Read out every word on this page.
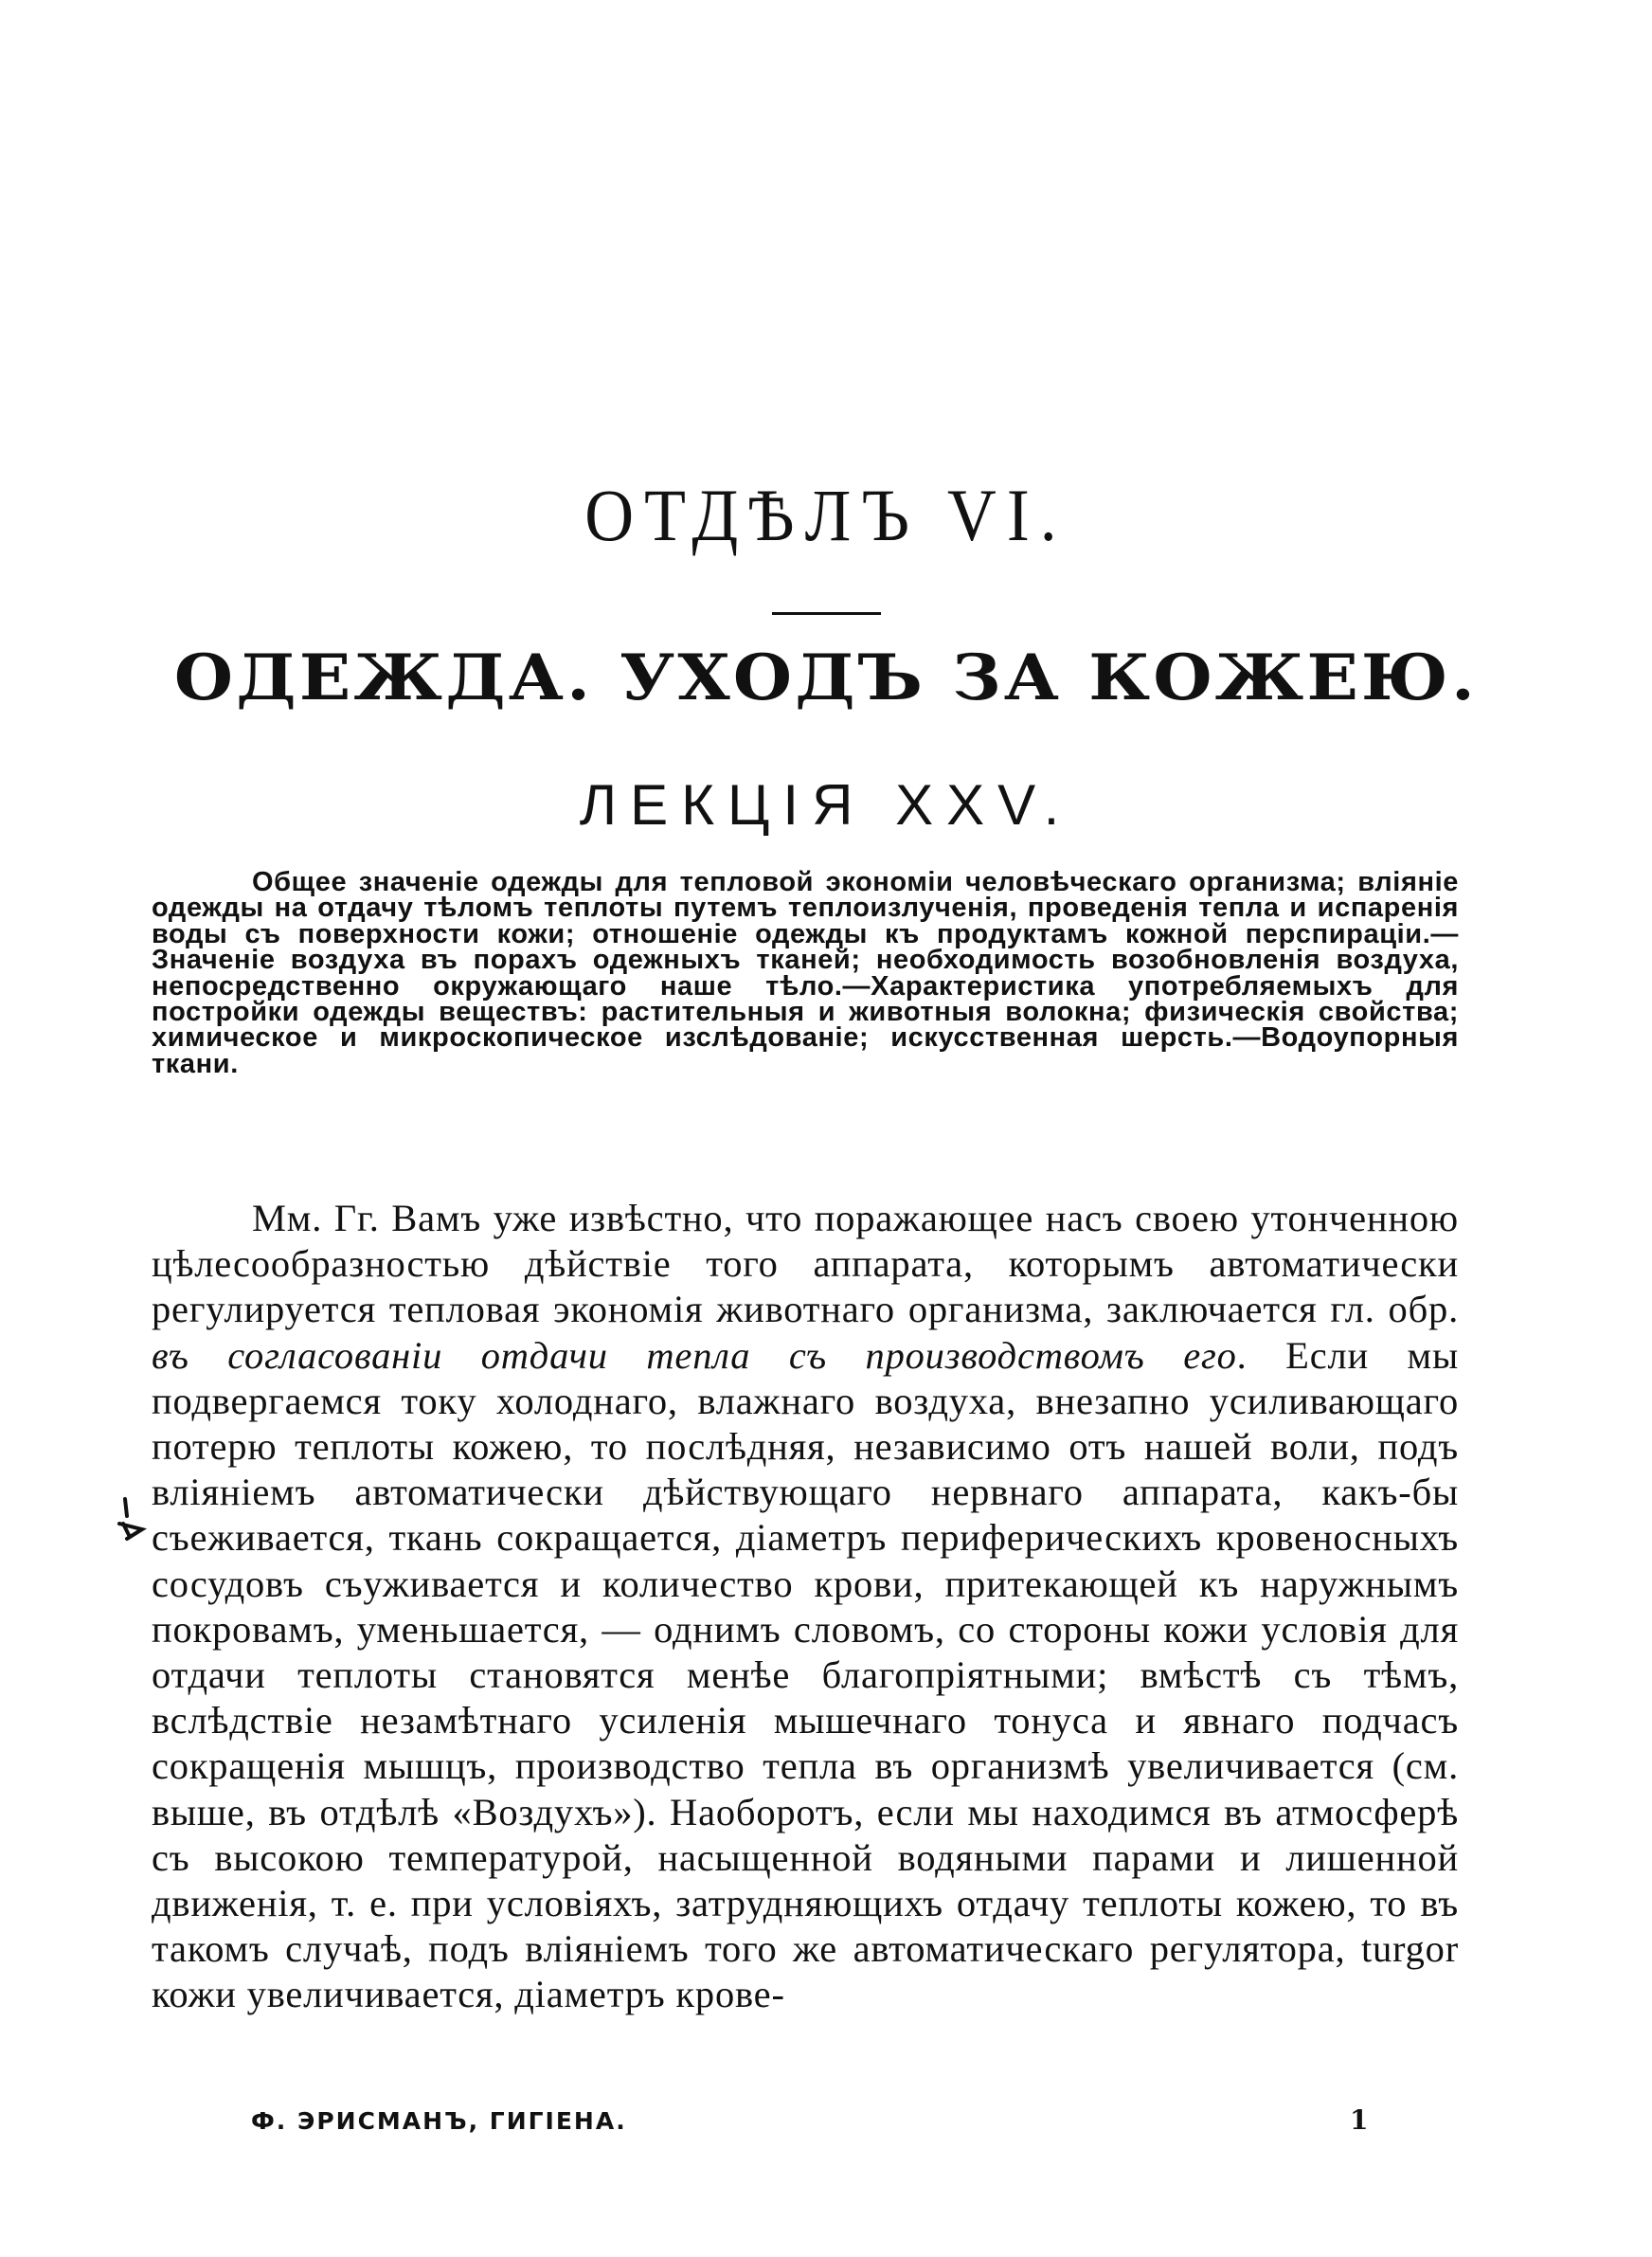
ОТДѢЛЪ VI.
ОДЕЖДА. УХОДЪ ЗА КОЖЕЮ.
ЛЕКЦІЯ XXV.

Общее значеніе одежды для тепловой экономіи человѣческаго организма; вліяніе одежды на отдачу тѣломъ теплоты путемъ теплоизлученія, проведенія тепла и испаренія воды съ поверхности кожи; отношеніе одежды къ продуктамъ кожной перспираціи.—Значеніе воздуха въ порахъ одежныхъ тканей; необходимость возобновленія воздуха, непосредственно окружающаго наше тѣло.—Характеристика употребляемыхъ для постройки одежды веществъ: растительныя и животныя волокна; физическія свойства; химическое и микроскопическое изслѣдованіе; искусственная шерсть.—Водоупорныя ткани.

Мм. Гг. Вамъ уже извѣстно, что поражающее насъ своею утонченною цѣлесообразностью дѣйствіе того аппарата, которымъ автоматически регулируется тепловая экономія животнаго организма, заключается гл. обр. въ согласованіи отдачи тепла съ производствомъ его. Если мы подвергаемся току холоднаго, влажнаго воздуха, внезапно усиливающаго потерю теплоты кожею, то послѣдняя, независимо отъ нашей воли, подъ вліяніемъ автоматически дѣйствующаго нервнаго аппарата, какъ-бы съеживается, ткань сокращается, діаметръ периферическихъ кровеносныхъ сосудовъ съуживается и количество крови, притекающей къ наружнымъ покровамъ, уменьшается, — однимъ словомъ, со стороны кожи условія для отдачи теплоты становятся менѣе благопріятными; вмѣстѣ съ тѣмъ, вслѣдствіе незамѣтнаго усиленія мышечнаго тонуса и явнаго подчасъ сокращенія мышцъ, производство тепла въ организмѣ увеличивается (см. выше, въ отдѣлѣ «Воздухъ»). Наоборотъ, если мы находимся въ атмосферѣ съ высокою температурой, насыщенной водяными парами и лишенной движенія, т. е. при условіяхъ, затрудняющихъ отдачу теплоты кожею, то въ такомъ случаѣ, подъ вліяніемъ того же автоматическаго регулятора, turgor кожи увеличивается, діаметръ крове-

Ф. ЭРИСМАНЪ, ГИГІЕНА.	1
